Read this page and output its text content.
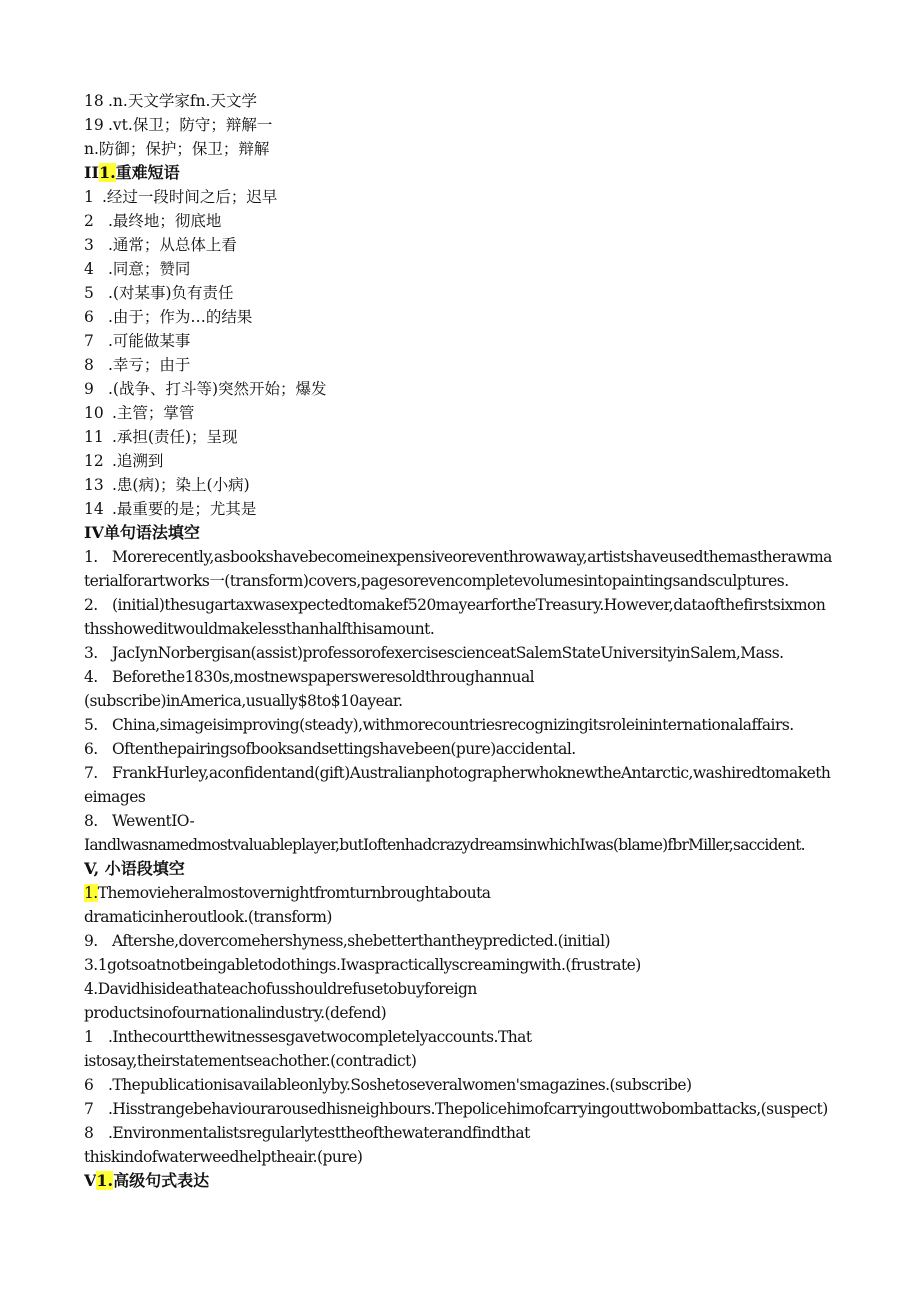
18 .n.天文学家fn.天文学
19 .vt.保卫；防守；辩解一
n.防御；保护；保卫；辩解
II1.重难短语
1 .经过一段时间之后；迟早
2 .最终地；彻底地
3 .通常；从总体上看
4 .同意；赞同
5 .(对某事)负有责任
6 .由于；作为…的结果
7 .可能做某事
8 .幸亏；由于
9 .(战争、打斗等)突然开始；爆发
10 .主管；掌管
11 .承担(责任)；呈现
12 .追溯到
13 .患(病)；染上(小病)
14 .最重要的是；尤其是
IV单句语法填空
1. Morerecently,asbookshavebecomeinexpensiveoreventhrowaway,artistshaveusedthemastherawma
terialforartworks一(transform)covers,pagesorevencompletevolumesintopaintingsandsculptures.
2. (initial)thesugartaxwasexpectedtomakef520mayearfortheTreasury.However,dataofthefirstsixmon
thsshowedit​wouldmakelessthanhalfthisamount.
3. JacIynNorbergisan(assist)professorofexercisescienceatSalemStateUniversityinSalem,Mass.
4. Beforethe1830s,mostnewspaperswereso​ldthroughannual
(subscribe)inAmerica,usually$8to$10ayear.
5. China,simageisimproving(steady),withmorecountriesrecognizingitsroleininternationalaffairs.
6. Oftenthepairingsofbooksandsettingshavebeen(pure)accidental.
7. FrankHurley,aconfidentand(gift)AustralianphotographerwhoknewtheAntarctic,washiredtomaketh
eimages
8. WewentIO-
Iandlwasnamedmostvaluableplayer,butIoftenhadcrazydreamsinwhichIwas(blame)fbrMiller,saccident.
V, 小语段填空
1.Themovieheralmostovernightfromturnbroughtabouta
dramaticinheroutlook.(transform)
9. Aftershe,dovercomehershyness,shebetterthantheypredicted.(initial)
3.1gotsoatnotbeingabletodothings.Iwaspracticallyscreamingwith.(frustrate)
4.Davidhisideathateachofusshouldrefusetobuyforeign
productsinofournationalindustry.(defend)
1 .Inthecourtthewitnessesgavetwocompletelyaccounts.That
istosay,theirstatementseachother.(contradict)
6 .Thepublicationisavailableonlyby.Soshetoseveralwomen'smagazines.(subscribe)
7 .Hisstrangebehaviourarousedhisneighbours.Thepolicehimofcarryingouttwobombattacks,(suspect)
8 .Environmentalistsregularlytesttheofthewaterandfindthat
thiskindofwaterweedhelptheair.(pure)
V1.高级句式表达
